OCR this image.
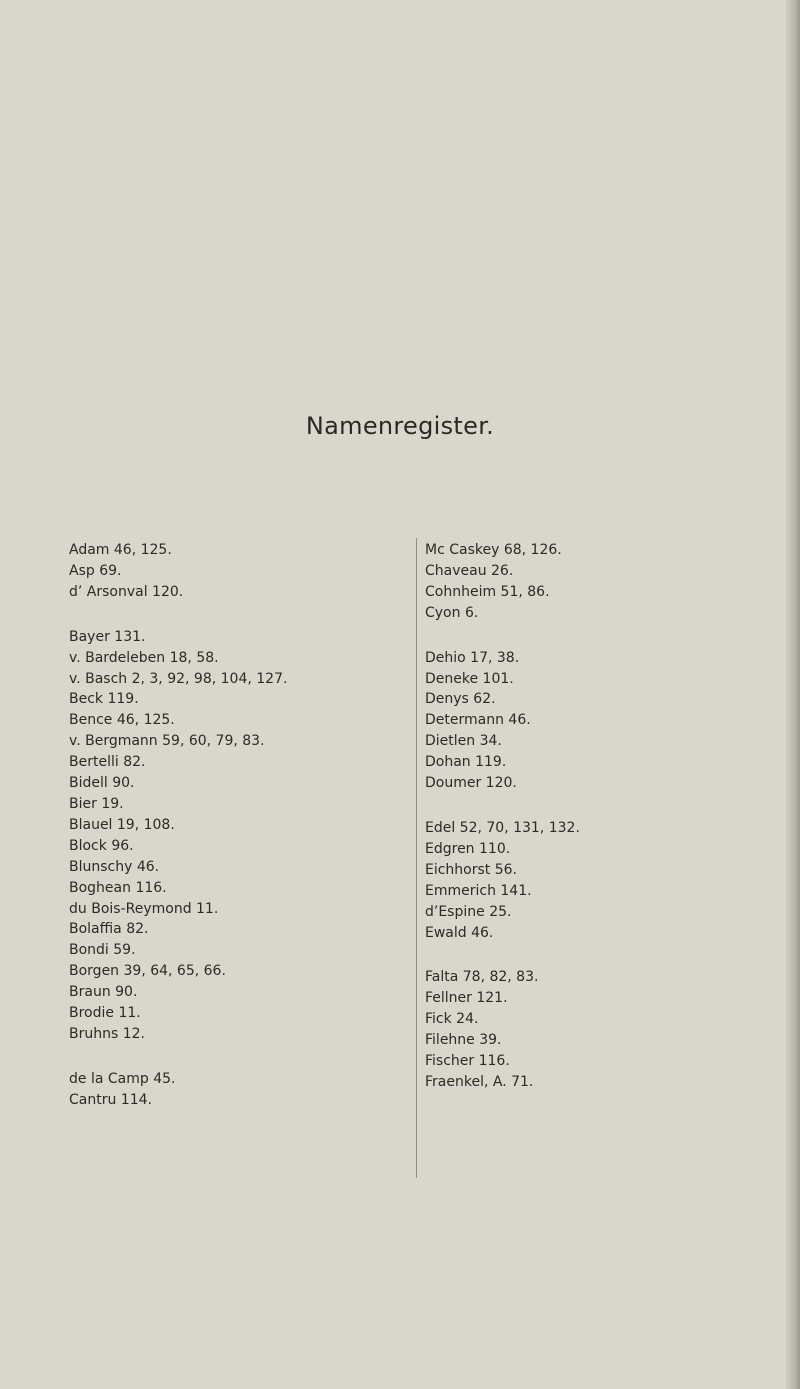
Namenregister.
Adam 46, 125.
Asp 69.
d’ Arsonval 120.
Bayer 131.
v. Bardeleben 18, 58.
v. Basch 2, 3, 92, 98, 104, 127.
Beck 119.
Bence 46, 125.
v. Bergmann 59, 60, 79, 83.
Bertelli 82.
Bidell 90.
Bier 19.
Blauel 19, 108.
Block 96.
Blunschy 46.
Boghean 116.
du Bois-Reymond 11.
Bolaffia 82.
Bondi 59.
Borgen 39, 64, 65, 66.
Braun 90.
Brodie 11.
Bruhns 12.
de la Camp 45.
Cantru 114.
Mc Caskey 68, 126.
Chaveau 26.
Cohnheim 51, 86.
Cyon 6.
Dehio 17, 38.
Deneke 101.
Denys 62.
Determann 46.
Dietlen 34.
Dohan 119.
Doumer 120.
Edel 52, 70, 131, 132.
Edgren 110.
Eichhorst 56.
Emmerich 141.
d’Espine 25.
Ewald 46.
Falta 78, 82, 83.
Fellner 121.
Fick 24.
Filehne 39.
Fischer 116.
Fraenkel, A. 71.
